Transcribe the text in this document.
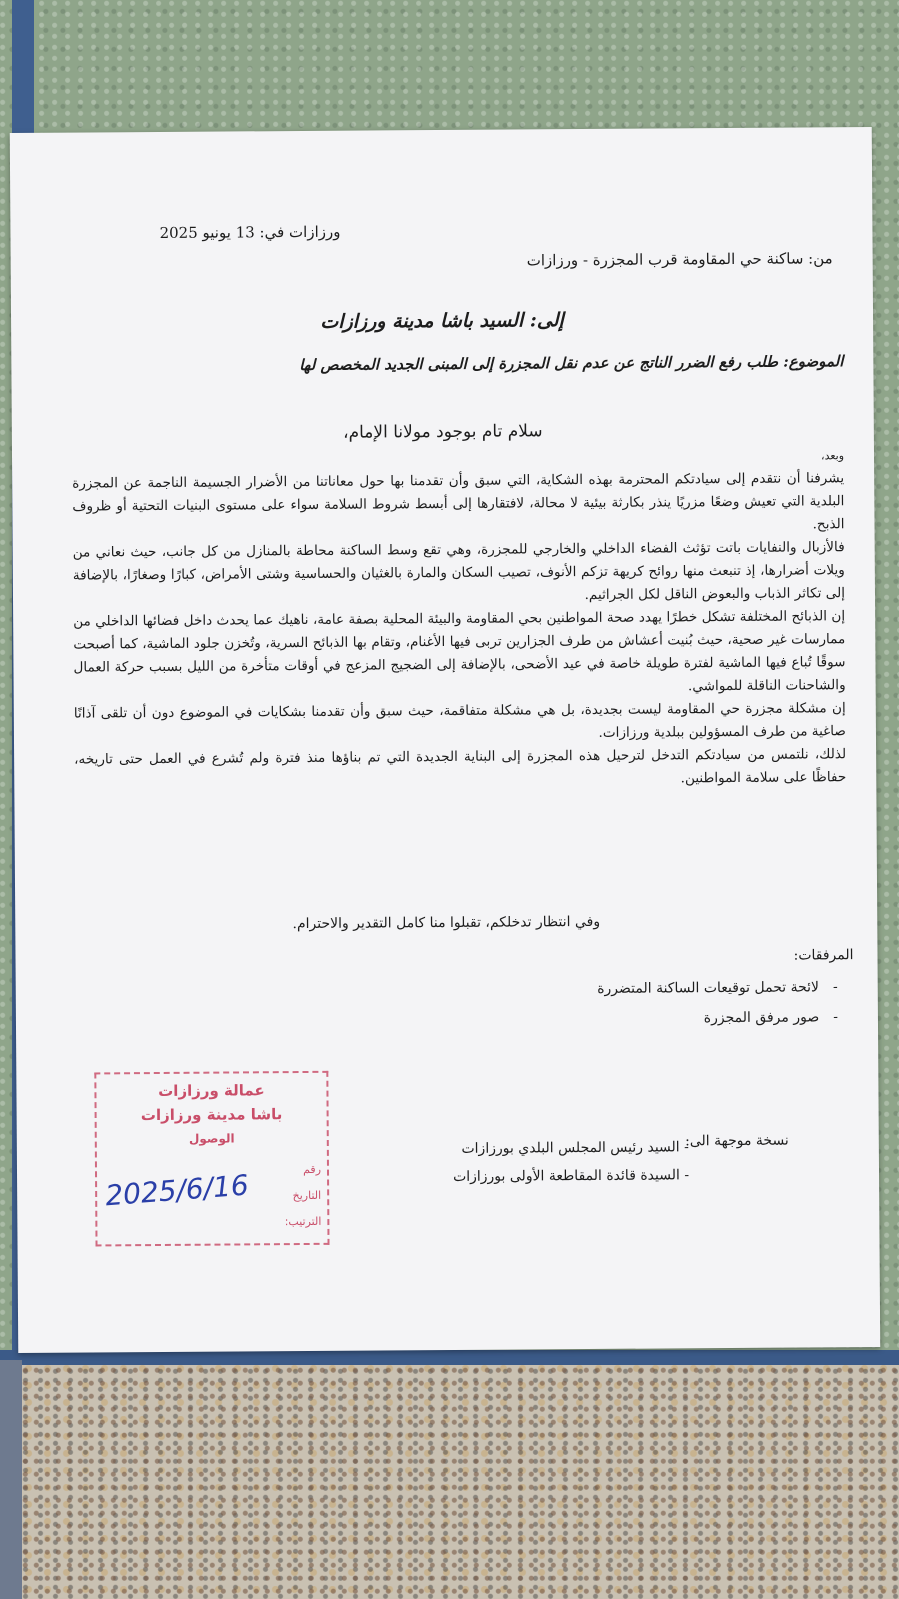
ورزازات في: 13 يونيو 2025
من: ساكنة حي المقاومة قرب المجزرة - ورزازات
إلى: السيد باشا مدينة ورزازات
الموضوع: طلب رفع الضرر الناتج عن عدم نقل المجزرة إلى المبنى الجديد المخصص لها
سلام تام بوجود مولانا الإمام،
وبعد،

يشرفنا أن نتقدم إلى سيادتكم المحترمة بهذه الشكاية، التي سبق وأن تقدمنا بها حول معاناتنا من الأضرار الجسيمة الناجمة عن المجزرة البلدية التي تعيش وضعًا مزريًا ينذر بكارثة بيئية لا محالة، لافتقارها إلى أبسط شروط السلامة سواء على مستوى البنيات التحتية أو ظروف الذبح.

فالأزبال والنفايات باتت تؤثث الفضاء الداخلي والخارجي للمجزرة، وهي تقع وسط الساكنة محاطة بالمنازل من كل جانب، حيث نعاني من ويلات أضرارها، إذ تنبعث منها روائح كريهة تزكم الأنوف، تصيب السكان والمارة بالغثيان والحساسية وشتى الأمراض، كبارًا وصغارًا، بالإضافة إلى تكاثر الذباب والبعوض الناقل لكل الجراثيم.

إن الذبائح المختلفة تشكل خطرًا يهدد صحة المواطنين بحي المقاومة والبيئة المحلية بصفة عامة، ناهيك عما يحدث داخل فضائها الداخلي من ممارسات غير صحية، حيث بُنيت أعشاش من طرف الجزارين تربى فيها الأغنام، وتقام بها الذبائح السرية، وتُخزن جلود الماشية، كما أصبحت سوقًا تُباع فيها الماشية لفترة طويلة خاصة في عيد الأضحى، بالإضافة إلى الضجيج المزعج في أوقات متأخرة من الليل بسبب حركة العمال والشاحنات الناقلة للمواشي.

إن مشكلة مجزرة حي المقاومة ليست بجديدة، بل هي مشكلة متفاقمة، حيث سبق وأن تقدمنا بشكايات في الموضوع دون أن تلقى آذانًا صاغية من طرف المسؤولين ببلدية ورزازات.

لذلك، نلتمس من سيادتكم التدخل لترحيل هذه المجزرة إلى البناية الجديدة التي تم بناؤها منذ فترة ولم تُشرع في العمل حتى تاريخه، حفاظًا على سلامة المواطنين.

وفي انتظار تدخلكم، تقبلوا منا كامل التقدير والاحترام.
المرفقات:
-لائحة تحمل توقيعات الساكنة المتضررة
-صور مرفق المجزرة
نسخة موجهة الى:
- السيد رئيس المجلس البلدي بورزازات
- السيدة قائدة المقاطعة الأولى بورزازات
عمالة ورزازات
باشا مدينة ورزازات
الوصول
رقم
التاريخ
الترتيب:
2025/6/16
